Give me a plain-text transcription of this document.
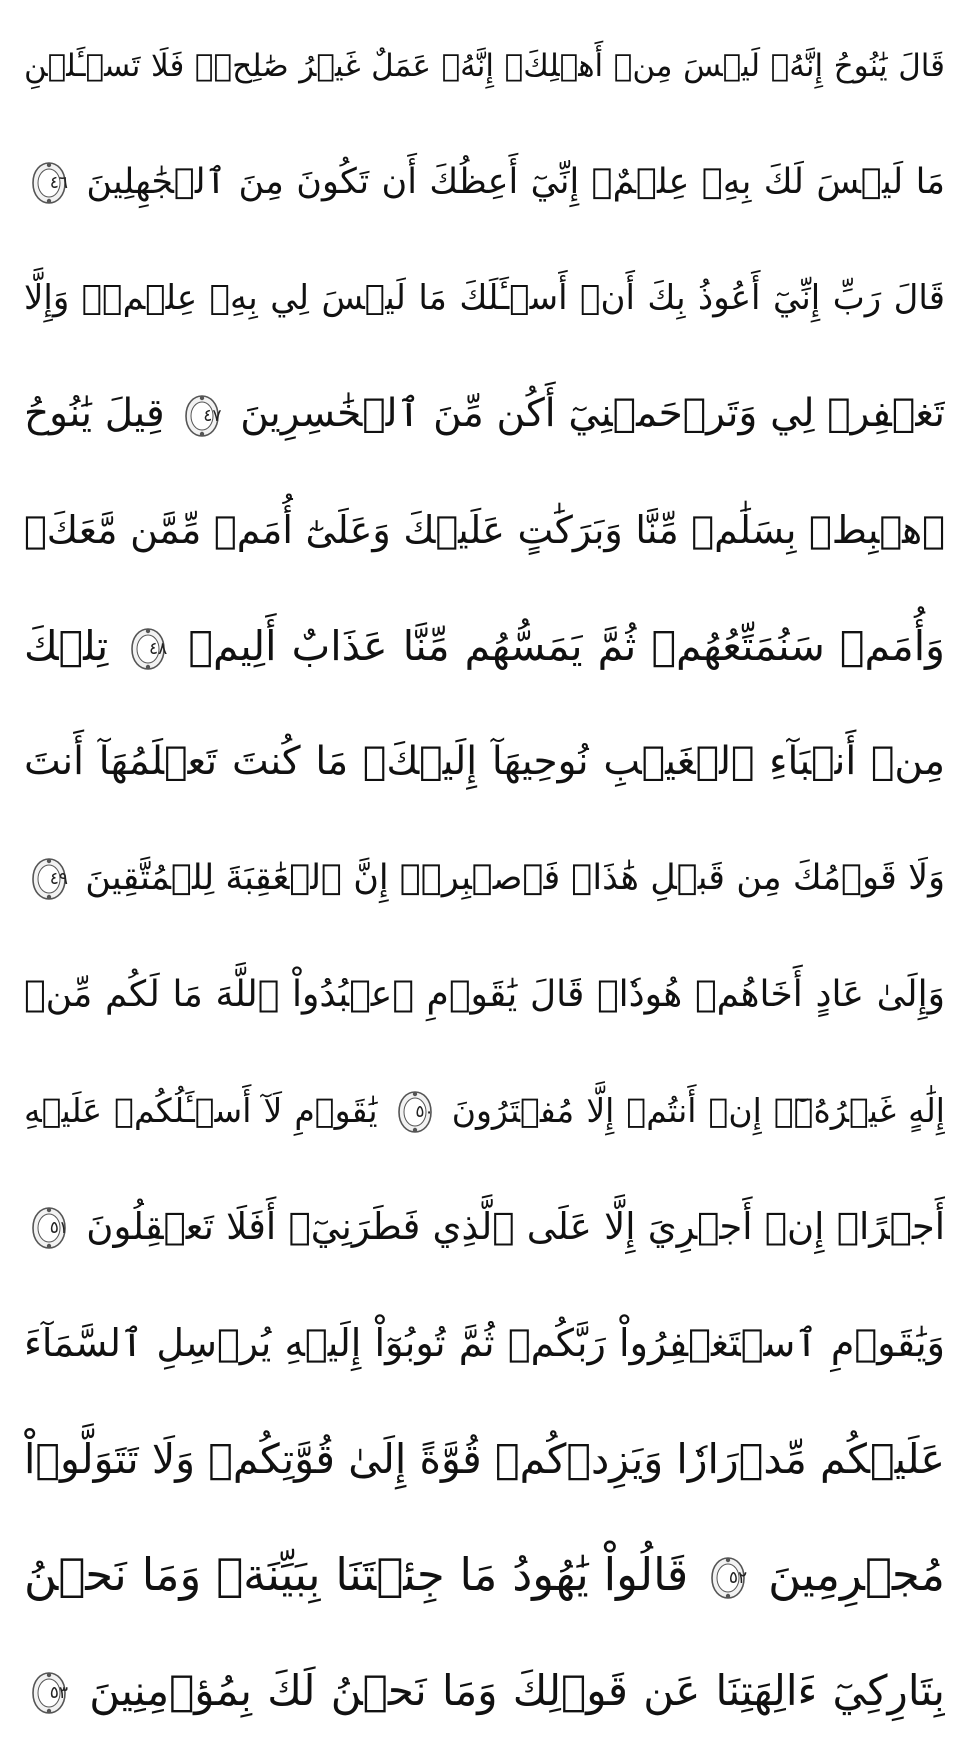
قَالَ يَٰنُوحُ إِنَّهُۥ لَيۡسَ مِنۡ أَهۡلِكَۖ إِنَّهُۥ عَمَلٌ غَيۡرُ صَٰلِحٖۖ فَلَا تَسۡـَٔلۡنِ
مَا لَيۡسَ لَكَ بِهِۦ عِلۡمٌۖ إِنِّيٓ أَعِظُكَ أَن تَكُونَ مِنَ ٱلۡجَٰهِلِينَ
٤٦
قَالَ رَبِّ إِنِّيٓ أَعُوذُ بِكَ أَنۡ أَسۡـَٔلَكَ مَا لَيۡسَ لِي بِهِۦ عِلۡمٞۖ وَإِلَّا
تَغۡفِرۡ لِي وَتَرۡحَمۡنِيٓ أَكُن مِّنَ ٱلۡخَٰسِرِينَ
٤٧
قِيلَ يَٰنُوحُ
ٱهۡبِطۡ بِسَلَٰمٖ مِّنَّا وَبَرَكَٰتٍ عَلَيۡكَ وَعَلَىٰٓ أُمَمٖ مِّمَّن مَّعَكَۚ
وَأُمَمٞ سَنُمَتِّعُهُمۡ ثُمَّ يَمَسُّهُم مِّنَّا عَذَابٌ أَلِيمٞ
٤٨
تِلۡكَ
مِنۡ أَنۢبَآءِ ٱلۡغَيۡبِ نُوحِيهَآ إِلَيۡكَۖ مَا كُنتَ تَعۡلَمُهَآ أَنتَ
وَلَا قَوۡمُكَ مِن قَبۡلِ هَٰذَاۖ فَٱصۡبِرۡۖ إِنَّ ٱلۡعَٰقِبَةَ لِلۡمُتَّقِينَ
٤٩
وَإِلَىٰ عَادٍ أَخَاهُمۡ هُودٗاۚ قَالَ يَٰقَوۡمِ ٱعۡبُدُواْ ٱللَّهَ مَا لَكُم مِّنۡ
إِلَٰهٍ غَيۡرُهُۥٓۖ إِنۡ أَنتُمۡ إِلَّا مُفۡتَرُونَ
٥٠
يَٰقَوۡمِ لَآ أَسۡـَٔلُكُمۡ عَلَيۡهِ
أَجۡرًاۖ إِنۡ أَجۡرِيَ إِلَّا عَلَى ٱلَّذِي فَطَرَنِيٓۚ أَفَلَا تَعۡقِلُونَ
٥١
وَيَٰقَوۡمِ ٱسۡتَغۡفِرُواْ رَبَّكُمۡ ثُمَّ تُوبُوٓاْ إِلَيۡهِ يُرۡسِلِ ٱلسَّمَآءَ
عَلَيۡكُم مِّدۡرَارٗا وَيَزِدۡكُمۡ قُوَّةً إِلَىٰ قُوَّتِكُمۡ وَلَا تَتَوَلَّوۡاْ
مُجۡرِمِينَ
٥٢
قَالُواْ يَٰهُودُ مَا جِئۡتَنَا بِبَيِّنَةٖ وَمَا نَحۡنُ
بِتَارِكِيٓ ءَالِهَتِنَا عَن قَوۡلِكَ وَمَا نَحۡنُ لَكَ بِمُؤۡمِنِينَ
٥٣
